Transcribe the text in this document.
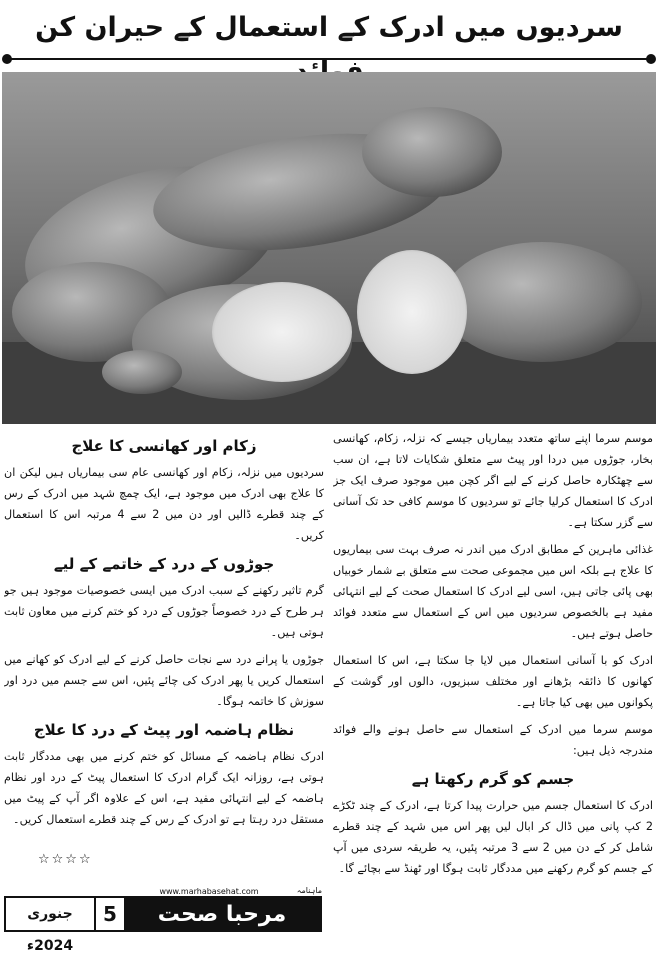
سردیوں میں ادرک کے استعمال کے حیران کن

موسم سرما اپنے ساتھ متعدد بیماریاں جیسے کہ نزلہ، زکام، کھانسی بخار، جوڑوں میں دردا اور پیٹ سے متعلق شکایات لاتا ہے، ان سب سے چھٹکارہ حاصل کرنے کے لیے اگر کچن میں موجود صرف ایک جز ادرک کا استعمال کرلیا جائے تو سردیوں کا موسم کافی حد تک آسانی سے گزر سکتا ہے۔

غذائی ماہرین کے مطابق ادرک میں اندر نہ صرف بہت سی بیماریوں کا علاج ہے بلکہ اس میں مجموعی صحت سے متعلق بے شمار خوبیاں بھی پائی جاتی ہیں، اسی لیے ادرک کا استعمال صحت کے لیے انتہائی مفید ہے بالخصوص سردیوں میں اس کے استعمال سے متعدد فوائد حاصل ہوتے ہیں۔

ادرک کو با آسانی استعمال میں لایا جا سکتا ہے، اس کا استعمال کھانوں کا ذائقہ بڑھانے اور مختلف سبزیوں، دالوں اور گوشت کے پکوانوں میں بھی کیا جاتا ہے۔

موسم سرما میں ادرک کے استعمال سے حاصل ہونے والے فوائد مندرجہ ذیل ہیں:

جسم کو گرم رکھتا ہے

ادرک کا استعمال جسم میں حرارت پیدا کرتا ہے، ادرک کے چند ٹکڑے 2 کپ پانی میں ڈال کر ابال لیں پھر اس میں شہد کے چند قطرے شامل کر کے دن میں 2 سے 3 مرتبہ پئیں، یہ طریقہ سردی میں آپ کے جسم کو گرم رکھنے میں مددگار ثابت ہوگا اور ٹھنڈ سے بچائے گا۔

زکام اور کھانسی کا علاج

سردیوں میں نزلہ، زکام اور کھانسی عام سی بیماریاں ہیں لیکن ان کا علاج بھی ادرک میں موجود ہے، ایک چمچ شہد میں ادرک کے رس کے چند قطرے ڈالیں اور دن میں 2 سے 4 مرتبہ اس کا استعمال کریں۔

جوڑوں کے درد کے خاتمے کے لیے

گرم تاثیر رکھنے کے سبب ادرک میں ایسی خصوصیات موجود ہیں جو ہر طرح کے درد خصوصاً جوڑوں کے درد کو ختم کرنے میں معاون ثابت ہوتی ہیں۔

جوڑوں یا پرانے درد سے نجات حاصل کرنے کے لیے ادرک کو کھانے میں استعمال کریں یا پھر ادرک کی چائے پئیں، اس سے جسم میں درد اور سوزش کا خاتمہ ہوگا۔

نظام ہاضمہ اور پیٹ کے درد کا علاج

ادرک نظام ہاضمہ کے مسائل کو ختم کرنے میں بھی مددگار ثابت ہوتی ہے، روزانہ ایک گرام ادرک کا استعمال پیٹ کے درد اور نظام ہاضمہ کے لیے انتہائی مفید ہے، اس کے علاوہ اگر آپ کے پیٹ میں مستقل درد رہتا ہے تو ادرک کے رس کے چند قطرے استعمال کریں۔

☆☆☆☆
www.marhabasehat.com	ماہنامہ
مرحبا صحت
5
جنوری 2024ء
